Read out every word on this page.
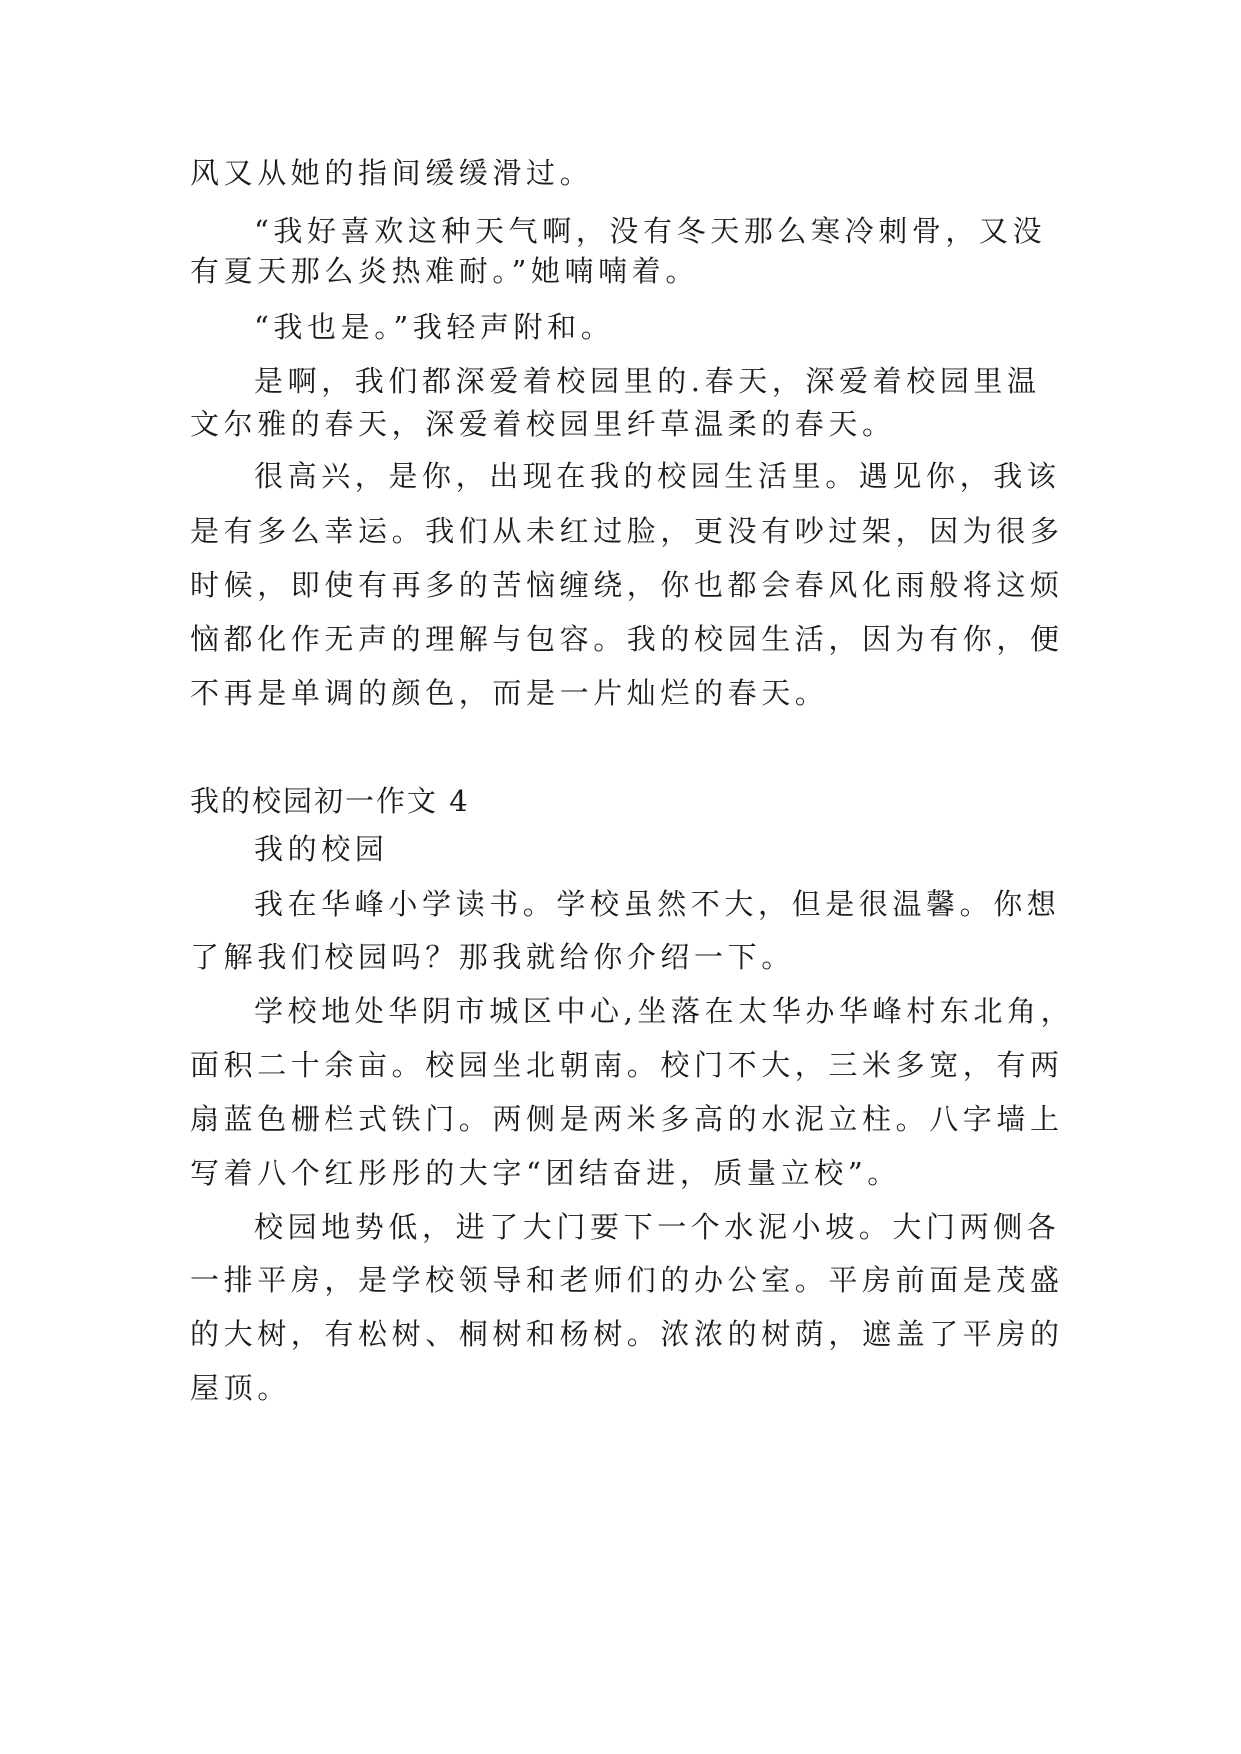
风又从她的指间缓缓滑过。
“我好喜欢这种天气啊，没有冬天那么寒冷刺骨，又没
有夏天那么炎热难耐。”她喃喃着。
“我也是。”我轻声附和。
是啊，我们都深爱着校园里的.春天，深爱着校园里温
文尔雅的春天，深爱着校园里纤草温柔的春天。
很高兴，是你，出现在我的校园生活里。遇见你，我该
是有多么幸运。我们从未红过脸，更没有吵过架，因为很多
时候，即使有再多的苦恼缠绕，你也都会春风化雨般将这烦
恼都化作无声的理解与包容。我的校园生活，因为有你，便
不再是单调的颜色，而是一片灿烂的春天。
我的校园初一作文 4
我的校园
我在华峰小学读书。学校虽然不大，但是很温馨。你想
了解我们校园吗？那我就给你介绍一下。
学校地处华阴市城区中心,坐落在太华办华峰村东北角，
面积二十余亩。校园坐北朝南。校门不大，三米多宽，有两
扇蓝色栅栏式铁门。两侧是两米多高的水泥立柱。八字墙上
写着八个红彤彤的大字“团结奋进，质量立校”。
校园地势低，进了大门要下一个水泥小坡。大门两侧各
一排平房，是学校领导和老师们的办公室。平房前面是茂盛
的大树，有松树、桐树和杨树。浓浓的树荫，遮盖了平房的
屋顶。
